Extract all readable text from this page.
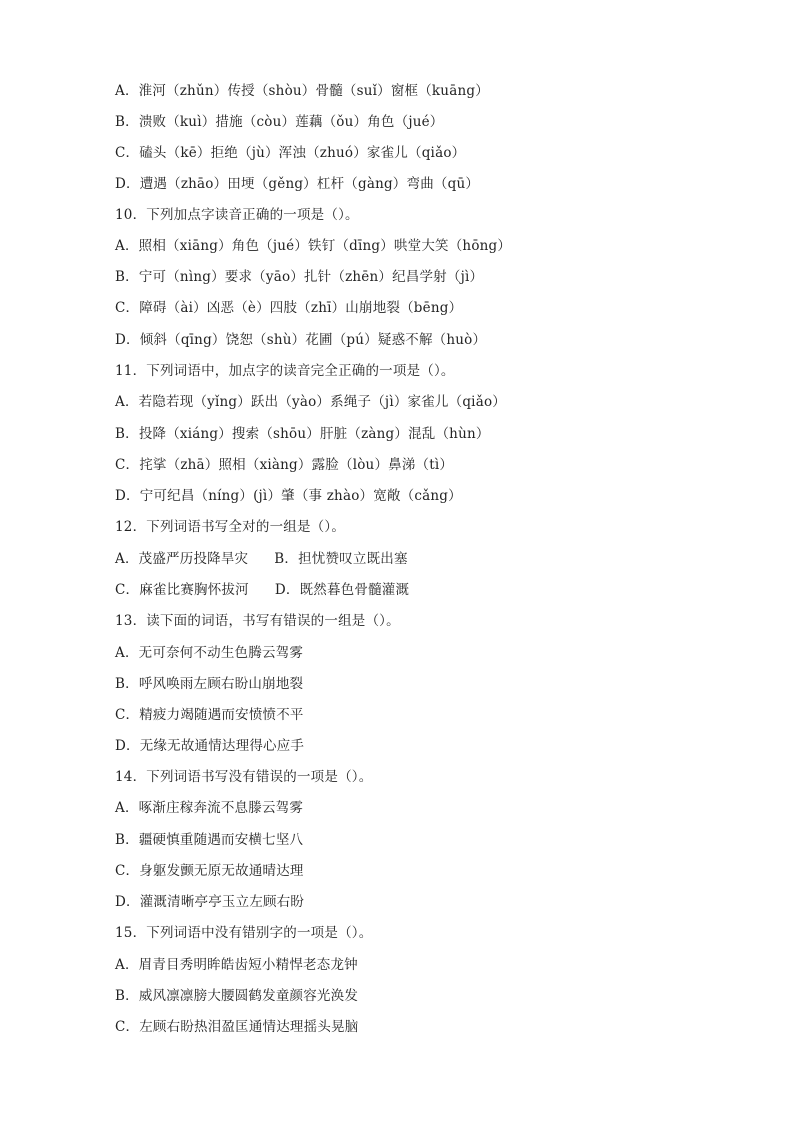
A．淮河（zhǔn）传授（shòu）骨髓（suǐ）窗框（kuāng）
B．溃败（kuì）措施（còu）莲藕（ǒu）角色（jué）
C．磕头（kē）拒绝（jù）浑浊（zhuó）家雀儿（qiǎo）
D．遭遇（zhāo）田埂（gěng）杠杆（gàng）弯曲（qū）
10．下列加点字读音正确的一项是（）。
A．照相（xiāng）角色（jué）铁钉（dīng）哄堂大笑（hōng）
B．宁可（nìng）要求（yāo）扎针（zhēn）纪昌学射（jì）
C．障碍（ài）凶恶（è）四肢（zhī）山崩地裂（bēng）
D．倾斜（qīng）饶恕（shù）花圃（pú）疑惑不解（huò）
11．下列词语中，加点字的读音完全正确的一项是（）。
A．若隐若现（yǐng）跃出（yào）系绳子（jì）家雀儿（qiǎo）
B．投降（xiáng）搜索（shōu）肝脏（zàng）混乱（hùn）
C．挓挲（zhā）照相（xiàng）露脸（lòu）鼻涕（tì）
D．宁可纪昌（níng）(jì）肇（事 zhào）宽敞（cǎng）
12．下列词语书写全对的一组是（）。
A．茂盛严历投降旱灾 B．担忧赞叹立既出塞
C．麻雀比赛胸怀拔河 D．既然暮色骨髓灌溉
13．读下面的词语，书写有错误的一组是（）。
A．无可奈何不动生色腾云驾雾
B．呼风唤雨左顾右盼山崩地裂
C．精疲力竭随遇而安愤愤不平
D．无缘无故通情达理得心应手
14．下列词语书写没有错误的一项是（）。
A．啄渐庄稼奔流不息滕云驾雾
B．疆硬慎重随遇而安横七坚八
C．身躯发颤无原无故通晴达理
D．灌溉清晰亭亭玉立左顾右盼
15．下列词语中没有错别字的一项是（）。
A．眉青目秀明眸皓齿短小精悍老态龙钟
B．威风凛凛膀大腰圆鹤发童颜容光涣发
C．左顾右盼热泪盈匡通情达理摇头晃脑
